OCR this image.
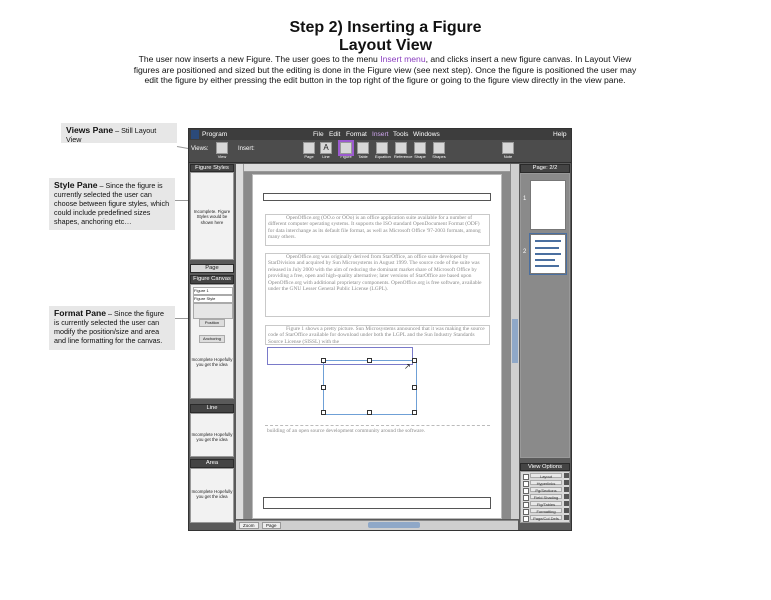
Step 2) Inserting a Figure
Layout View
The user now inserts a new Figure. The user goes to the menu Insert menu, and clicks insert a new figure canvas. In Layout View figures are positioned and sized but the editing is done in the Figure view (see next step). Once the figure is positioned the user may edit the figure by either pressing the edit button in the top right of the figure or going to the figure view directly in the view pane.
Views Pane – Still Layout View
Style Pane – Since the figure is currently selected the user can choose between figure styles, which could include predefined sizes shapes, anchoring etc…
Format Pane – Since the figure is currently selected the user can modify the position/size and area and line formatting for the canvas.
Program	File Edit Format Insert Tools Windows	Help
Views:
View
Insert:
Page
A
Line	Figure	Table	Equation Reference Shape	Shapes	Note
Figure Styles
Incomplete. Figure Styles would be shown here
Page
Figure Canvas
Figure 1
Figure Style
Position
Anchoring
Incomplete Hopefully you get the idea
Line
Incomplete Hopefully you get the idea
Area
Incomplete Hopefully you get the idea
OpenOffice.org (OO.o or OOo) is an office application suite available for a number of different computer operating systems. It supports the ISO standard OpenDocument Format (ODF) for data interchange as its default file format, as well as Microsoft Office '97-2003 formats, among many others.
OpenOffice.org was originally derived from StarOffice, an office suite developed by StarDivision and acquired by Sun Microsystems in August 1999. The source code of the suite was released in July 2000 with the aim of reducing the dominant market share of Microsoft Office by providing a free, open and high-quality alternative; later versions of StarOffice are based upon OpenOffice.org with additional proprietary components. OpenOffice.org is free software, available under the GNU Lesser General Public License (LGPL).
Figure 1 shows a pretty picture. Sun Microsystems announced that it was making the source code of StarOffice available for download under both the LGPL and the Sun Industry Standards Source License (SISSL) with the
↗
building of an open source development community around the software.
Page: 2/2
1
2
View Options
Layout
Hyperlinks
Pg/Sections
Field Shading
Fig/Tables
Formatting
Page/Col Defs
Zoom	Page
